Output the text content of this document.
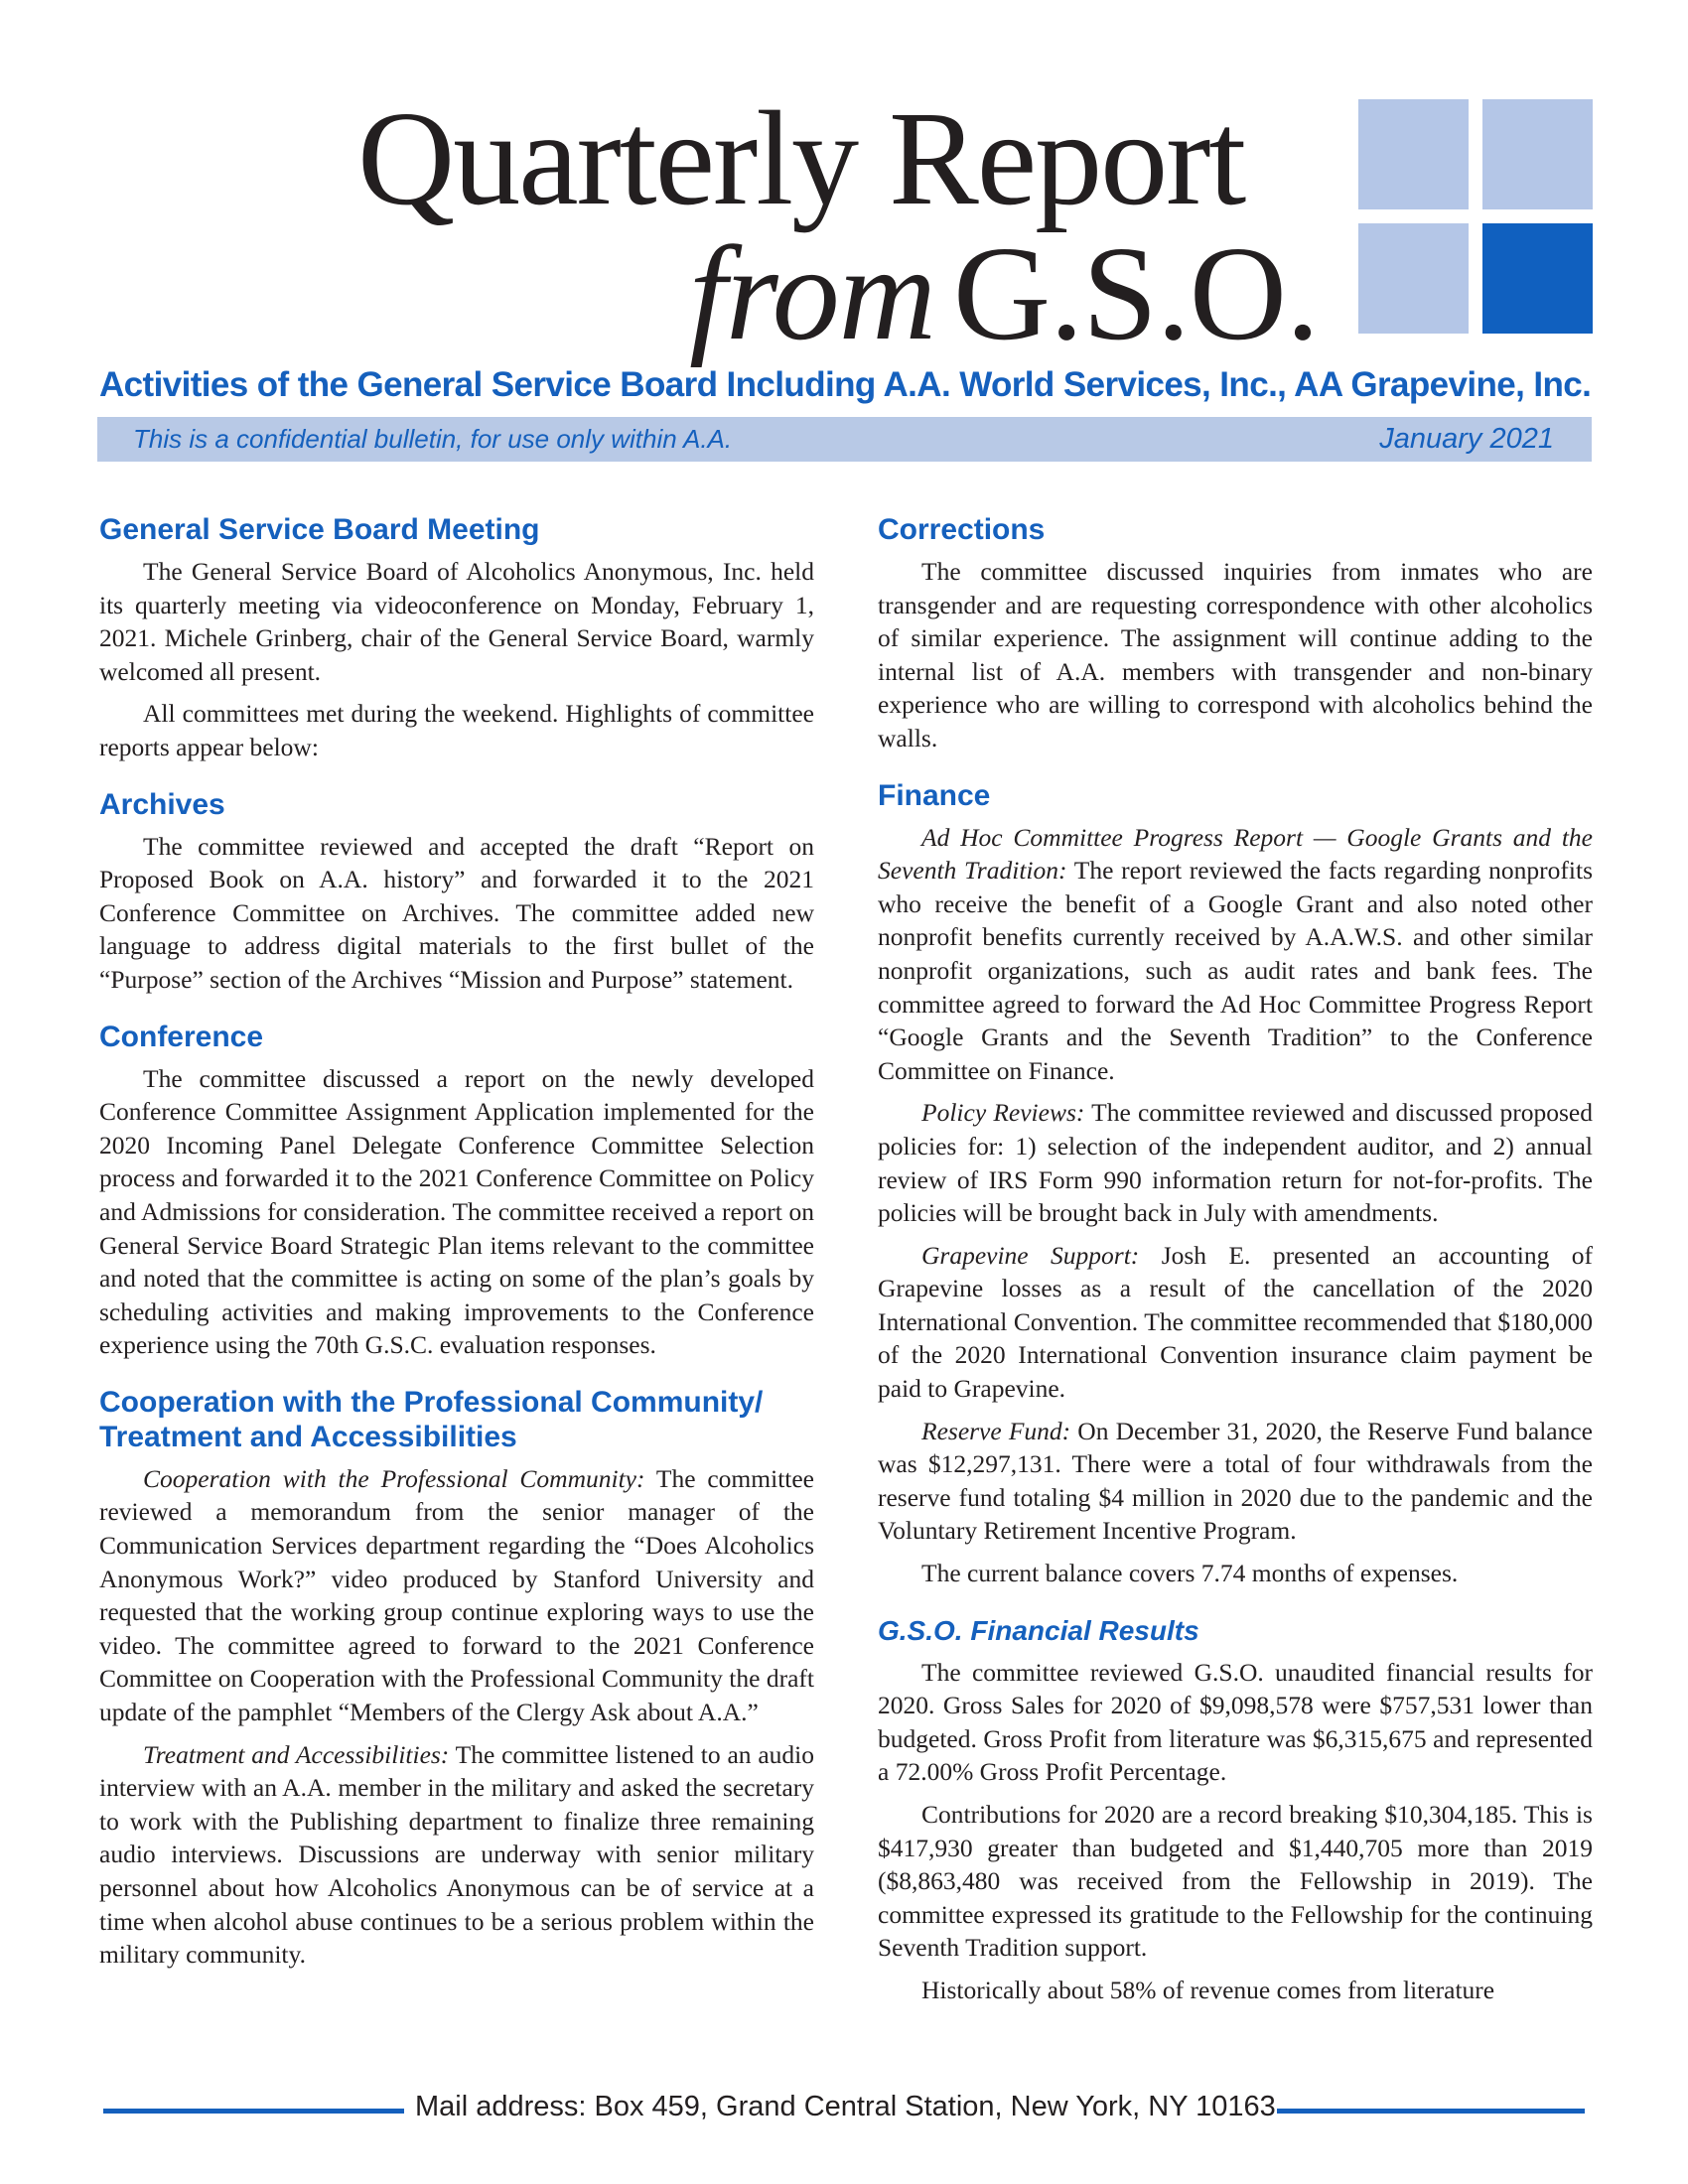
Quarterly Report
from G.S.O.
Activities of the General Service Board Including A.A. World Services, Inc., AA Grapevine, Inc.
This is a confidential bulletin, for use only within A.A.	January 2021
General Service Board Meeting

The General Service Board of Alcoholics Anonymous, Inc. held its quarterly meeting via videoconference on Monday, February 1, 2021. Michele Grinberg, chair of the General Service Board, warmly welcomed all present.

All committees met during the weekend. Highlights of committee reports appear below:

Archives

The committee reviewed and accepted the draft “Report on Proposed Book on A.A. history” and forwarded it to the 2021 Conference Committee on Archives. The committee added new language to address digital materials to the first bullet of the “Purpose” section of the Archives “Mission and Purpose” statement.

Conference

The committee discussed a report on the newly developed Conference Committee Assignment Application implemented for the 2020 Incoming Panel Delegate Conference Committee Selection process and forwarded it to the 2021 Conference Committee on Policy and Admissions for consideration. The committee received a report on General Service Board Strategic Plan items relevant to the committee and noted that the committee is acting on some of the plan’s goals by scheduling activities and making improvements to the Conference experience using the 70th G.S.C. evaluation responses.

Cooperation with the Professional Community/
Treatment and Accessibilities

Cooperation with the Professional Community: The committee reviewed a memorandum from the senior manager of the Communication Services department regarding the “Does Alcoholics Anonymous Work?” video produced by Stanford University and requested that the working group continue exploring ways to use the video. The committee agreed to forward to the 2021 Conference Committee on Cooperation with the Professional Community the draft update of the pamphlet “Members of the Clergy Ask about A.A.”

Treatment and Accessibilities: The committee listened to an audio interview with an A.A. member in the military and asked the secretary to work with the Publishing department to finalize three remaining audio interviews. Discussions are underway with senior military personnel about how Alcoholics Anonymous can be of service at a time when alcohol abuse continues to be a serious problem within the military community.

Corrections

The committee discussed inquiries from inmates who are transgender and are requesting correspondence with other alcoholics of similar experience. The assignment will continue adding to the internal list of A.A. members with transgender and non-binary experience who are willing to correspond with alcoholics behind the walls.

Finance

Ad Hoc Committee Progress Report — Google Grants and the Seventh Tradition: The report reviewed the facts regarding nonprofits who receive the benefit of a Google Grant and also noted other nonprofit benefits currently received by A.A.W.S. and other similar nonprofit organizations, such as audit rates and bank fees. The committee agreed to forward the Ad Hoc Committee Progress Report “Google Grants and the Seventh Tradition” to the Conference Committee on Finance.

Policy Reviews: The committee reviewed and discussed proposed policies for: 1) selection of the independent auditor, and 2) annual review of IRS Form 990 information return for not-for-profits. The policies will be brought back in July with amendments.

Grapevine Support: Josh E. presented an accounting of Grapevine losses as a result of the cancellation of the 2020 International Convention. The committee recommended that $180,000 of the 2020 International Convention insurance claim payment be paid to Grapevine.

Reserve Fund: On December 31, 2020, the Reserve Fund balance was $12,297,131. There were a total of four withdrawals from the reserve fund totaling $4 million in 2020 due to the pandemic and the Voluntary Retirement Incentive Program.

The current balance covers 7.74 months of expenses.

G.S.O. Financial Results

The committee reviewed G.S.O. unaudited financial results for 2020. Gross Sales for 2020 of $9,098,578 were $757,531 lower than budgeted. Gross Profit from literature was $6,315,675 and represented a 72.00% Gross Profit Percentage.

Contributions for 2020 are a record breaking $10,304,185. This is $417,930 greater than budgeted and $1,440,705 more than 2019 ($8,863,480 was received from the Fellowship in 2019). The committee expressed its gratitude to the Fellowship for the continuing Seventh Tradition support.

Historically about 58% of revenue comes from literature

Mail address: Box 459, Grand Central Station, New York, NY 10163
